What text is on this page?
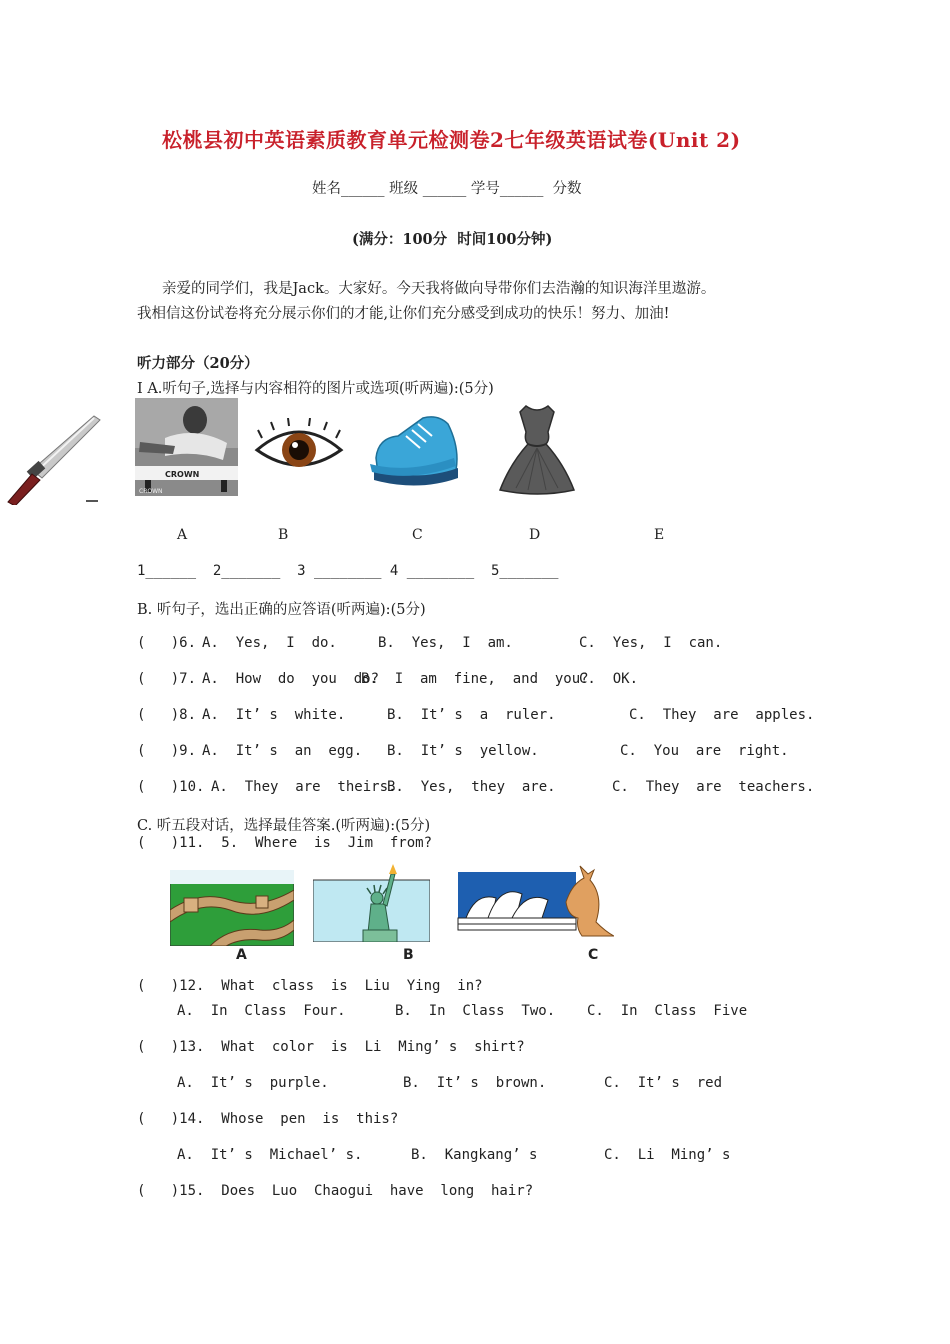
松桃县初中英语素质教育单元检测卷2七年级英语试卷(Unit 2)
姓名______ 班级 ______ 学号______  分数
(满分：100分  时间100分钟)
亲爱的同学们，我是Jack。大家好。今天我将做向导带你们去浩瀚的知识海洋里遨游。
我相信这份试卷将充分展示你们的才能,让你们充分感受到成功的快乐！努力、加油!
听力部分（20分）
Ⅰ A.听句子,选择与内容相符的图片或选项(听两遍):(5分)
CROWN
CROWN
A	B	C	D	E
1______  2_______  3 ________ 4 ________  5_______
B. 听句子，选出正确的应答语(听两遍):(5分)
(   )6. A.  Yes,  I  do.	B.  Yes,  I  am.	C.  Yes,  I  can.
(   )7. A.  How  do  you  do?
B.  I  am  fine,  and  you?
C.  OK.
(   )8. A.  It’ s  white.	B.  It’ s  a  ruler.	C.  They  are  apples.
(   )9. A.  It’ s  an  egg. B.  It’ s  yellow.	C.  You  are  right.
(   )10. A.  They  are  theirs.
B.  Yes,  they  are.	C.  They  are  teachers.
C. 听五段对话，选择最佳答案.(听两遍):(5分)
(   )11.  5.  Where  is  Jim  from?
A	B	C
(   )12.  What  class  is  Liu  Ying  in?
A.  In  Class  Four.	B.  In  Class  Two. C.  In  Class  Five
(   )13.  What  color  is  Li  Ming’ s  shirt?
A.  It’ s  purple.	B.  It’ s  brown.	C.  It’ s  red
(   )14.  Whose  pen  is  this?
A.  It’ s  Michael’ s.	B.  Kangkang’ s	C.  Li  Ming’ s
(   )15.  Does  Luo  Chaogui  have  long  hair?
